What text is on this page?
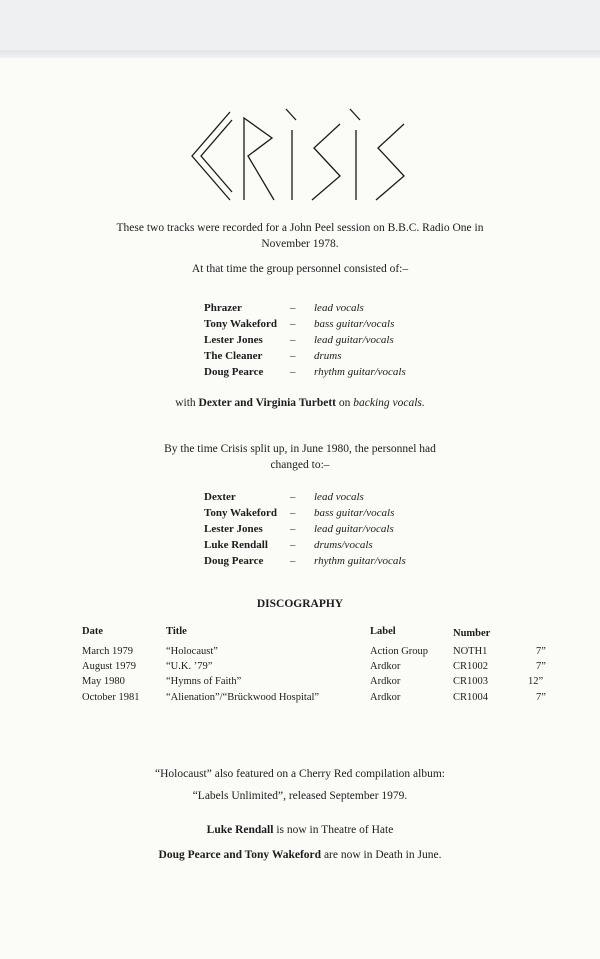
These two tracks were recorded for a John Peel session on B.B.C. Radio One in
November 1978.
At that time the group personnel consisted of:–
Phrazer	– lead vocals
Tony Wakeford – bass guitar/vocals
Lester Jones – lead guitar/vocals
The Cleaner	– drums
Doug Pearce – rhythm guitar/vocals
with Dexter and Virginia Turbett on backing vocals.
By the time Crisis split up, in June 1980, the personnel had
changed to:–
Dexter	– lead vocals
Tony Wakeford – bass guitar/vocals
Lester Jones – lead guitar/vocals
Luke Rendall – drums/vocals
Doug Pearce – rhythm guitar/vocals
DISCOGRAPHY
Date	Title	Label	Number
March 1979	“Holocaust”	Action Group NOTH1	7”
August 1979	“U.K. ’79”	Ardkor	CR1002	7”
May 1980	“Hymns of Faith”	Ardkor	CR1003	12”
October 1981	“Alienation”/“Brückwood Hospital”	Ardkor	CR1004	7”
“Holocaust” also featured on a Cherry Red compilation album:
“Labels Unlimited”, released September 1979.
Luke Rendall is now in Theatre of Hate
Doug Pearce and Tony Wakeford are now in Death in June.
